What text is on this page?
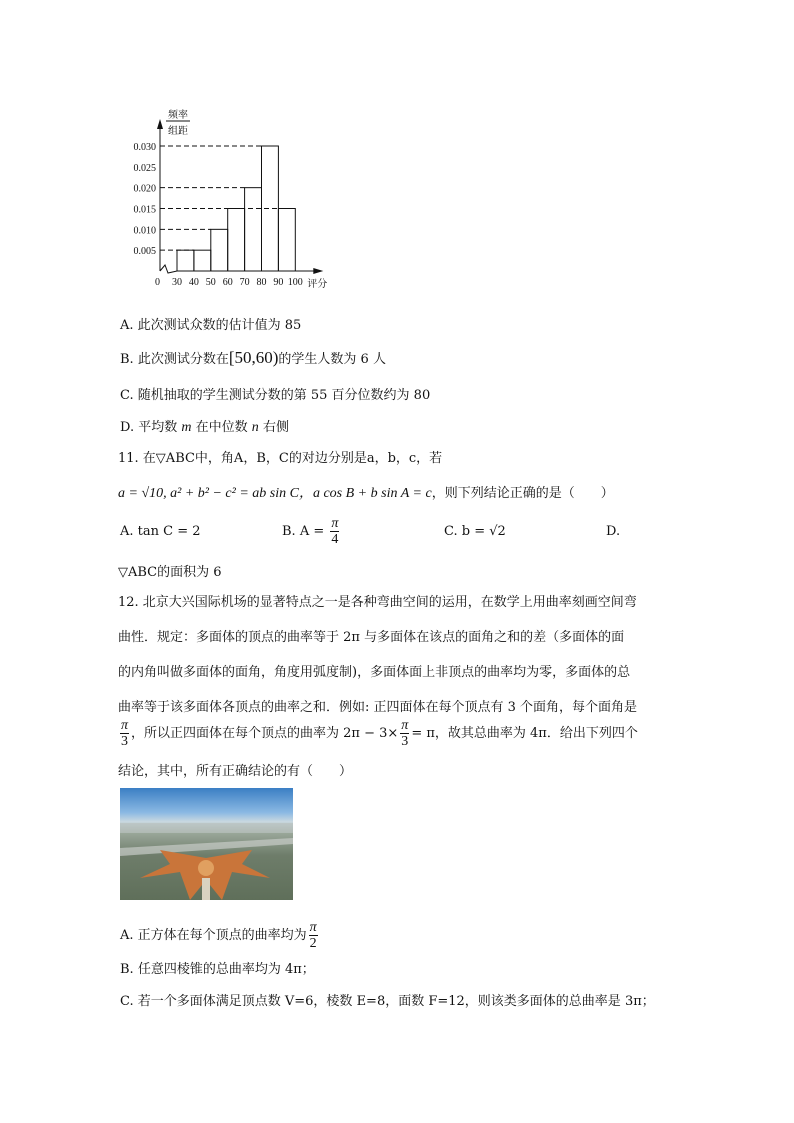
频率
组距
评分
0 30 40 50 60 70 80 90 100
0.005
0.010
0.015
0.020
0.025
0.030
A. 此次测试众数的估计值为 85
B. 此次测试分数在[50,60)的学生人数为 6 人
C. 随机抽取的学生测试分数的第 55 百分位数约为 80
D. 平均数 m 在中位数 n 右侧
11. 在▽ABC中，角A，B，C的对边分别是a，b，c，若
a = √10, a² + b² − c² = ab sin C，a cos B + b sin A = c，则下列结论正确的是（　　）
A. tan C = 2	B. $A = \frac{\pi}{4}$	C. b = √2	D.
▽ABC的面积为 6
12. 北京大兴国际机场的显著特点之一是各种弯曲空间的运用，在数学上用曲率刻画空间弯
曲性．规定：多面体的顶点的曲率等于 2π 与多面体在该点的面角之和的差（多面体的面
的内角叫做多面体的面角，角度用弧度制)，多面体面上非顶点的曲率均为零，多面体的总
曲率等于该多面体各顶点的曲率之和．例如: 正四面体在每个顶点有 3 个面角，每个面角是
$\frac{\pi}{3}$ ，所以正四面体在每个顶点的曲率为 $2\pi - 3\times \frac{\pi}{3} = \pi$，故其总曲率为 4π．给出下列四个
结论，其中，所有正确结论的有（　　）
A. 正方体在每个顶点的曲率均为 $\frac{\pi}{2}$
B. 任意四棱锥的总曲率均为 4π；
C. 若一个多面体满足顶点数 V=6，棱数 E=8，面数 F=12，则该类多面体的总曲率是 3π；
